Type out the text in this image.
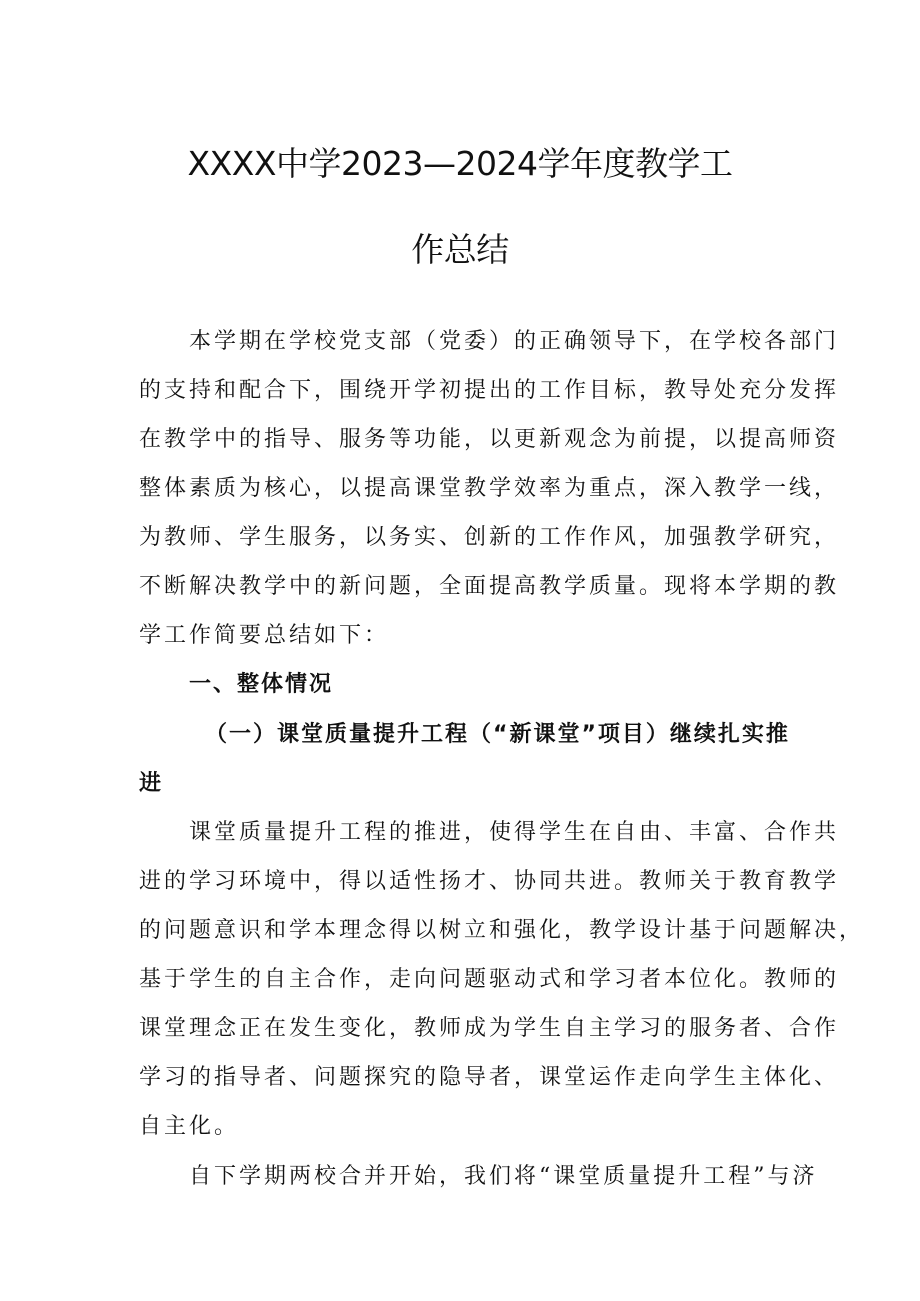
XXXX中学2023—2024学年度教学工
作总结
本学期在学校党支部（党委）的正确领导下，在学校各部门
的支持和配合下，围绕开学初提出的工作目标，教导处充分发挥
在教学中的指导、服务等功能，以更新观念为前提，以提高师资
整体素质为核心，以提高课堂教学效率为重点，深入教学一线，
为教师、学生服务，以务实、创新的工作作风，加强教学研究，
不断解决教学中的新问题，全面提高教学质量。现将本学期的教
学工作简要总结如下：
一、整体情况
（一）课堂质量提升工程（“新课堂”项目）继续扎实推
进
课堂质量提升工程的推进，使得学生在自由、丰富、合作共
进的学习环境中，得以适性扬才、协同共进。教师关于教育教学
的问题意识和学本理念得以树立和强化，教学设计基于问题解决，
基于学生的自主合作，走向问题驱动式和学习者本位化。教师的
课堂理念正在发生变化，教师成为学生自主学习的服务者、合作
学习的指导者、问题探究的隐导者，课堂运作走向学生主体化、
自主化。
自下学期两校合并开始，我们将“课堂质量提升工程”与济
